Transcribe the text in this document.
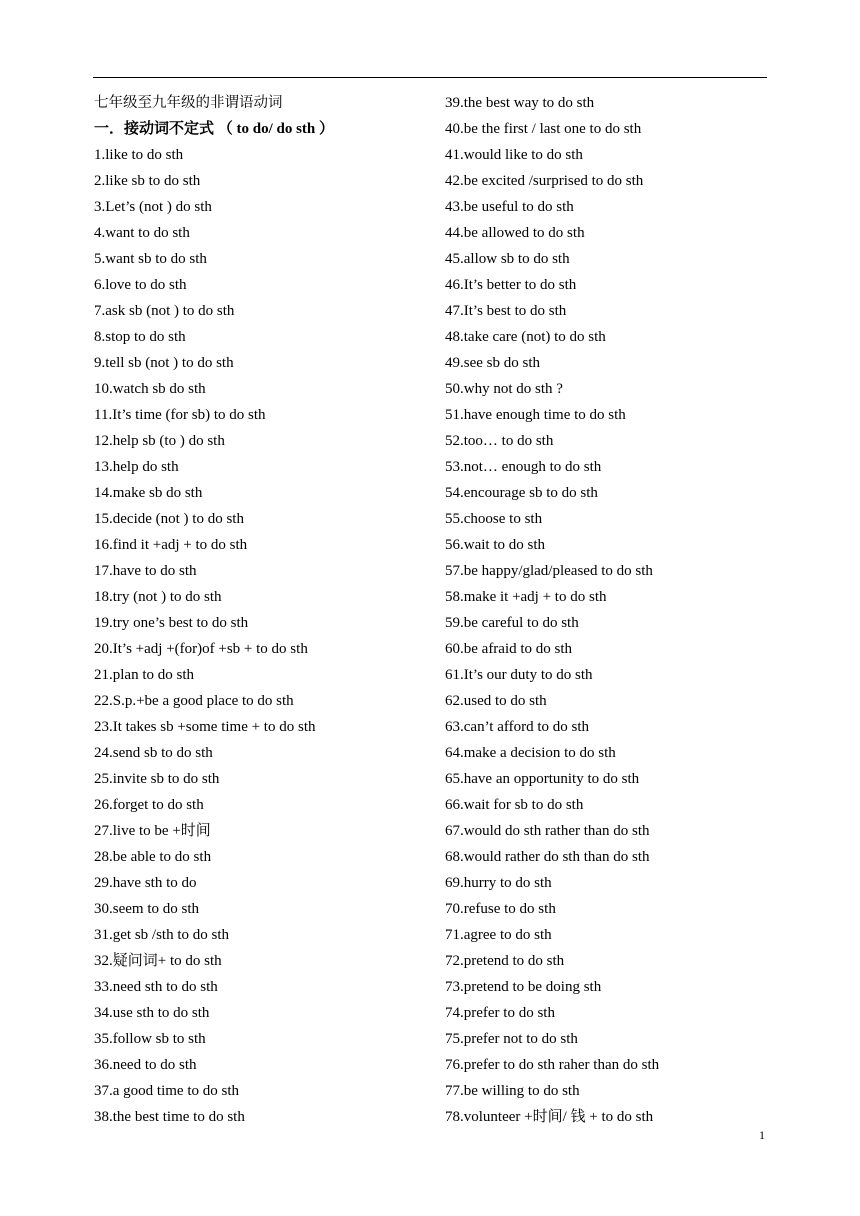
七年级至九年级的非谓语动词
一．接动词不定式 （ to do/ do sth ）
1.like to do sth
2.like sb to do sth
3.Let’s (not ) do sth
4.want to do sth
5.want sb to do sth
6.love to do sth
7.ask sb (not ) to do sth
8.stop to do sth
9.tell sb (not ) to do sth
10.watch sb do sth
11.It’s time (for sb) to do sth
12.help sb (to ) do sth
13.help do sth
14.make sb do sth
15.decide (not ) to do sth
16.find it +adj + to do sth
17.have to do sth
18.try (not ) to do sth
19.try one’s best to do sth
20.It’s +adj +(for)of +sb + to do sth
21.plan to do sth
22.S.p.+be a good place to do sth
23.It takes sb +some time + to do sth
24.send sb to do sth
25.invite sb to do sth
26.forget to do sth
27.live to be +时间
28.be able to do sth
29.have sth to do
30.seem to do sth
31.get sb /sth to do sth
32.疑问词+ to do sth
33.need sth to do sth
34.use sth to do sth
35.follow sb to sth
36.need to do sth
37.a good time to do sth
38.the best time to do sth
39.the best way to do sth
40.be the first / last one to do sth
41.would like to do sth
42.be excited /surprised to do sth
43.be useful to do sth
44.be allowed to do sth
45.allow sb to do sth
46.It’s better to do sth
47.It’s best to do sth
48.take care (not) to do sth
49.see sb do sth
50.why not do sth ?
51.have enough time to do sth
52.too… to do sth
53.not… enough to do sth
54.encourage sb to do sth
55.choose to sth
56.wait to do sth
57.be happy/glad/pleased to do sth
58.make it +adj + to do sth
59.be careful to do sth
60.be afraid to do sth
61.It’s our duty to do sth
62.used to do sth
63.can’t afford to do sth
64.make a decision to do sth
65.have an opportunity to do sth
66.wait for sb to do sth
67.would do sth rather than do sth
68.would rather do sth than do sth
69.hurry to do sth
70.refuse to do sth
71.agree to do sth
72.pretend to do sth
73.pretend to be doing sth
74.prefer to do sth
75.prefer not to do sth
76.prefer to do sth raher than do sth
77.be willing to do sth
78.volunteer +时间/ 钱 + to do sth
1
